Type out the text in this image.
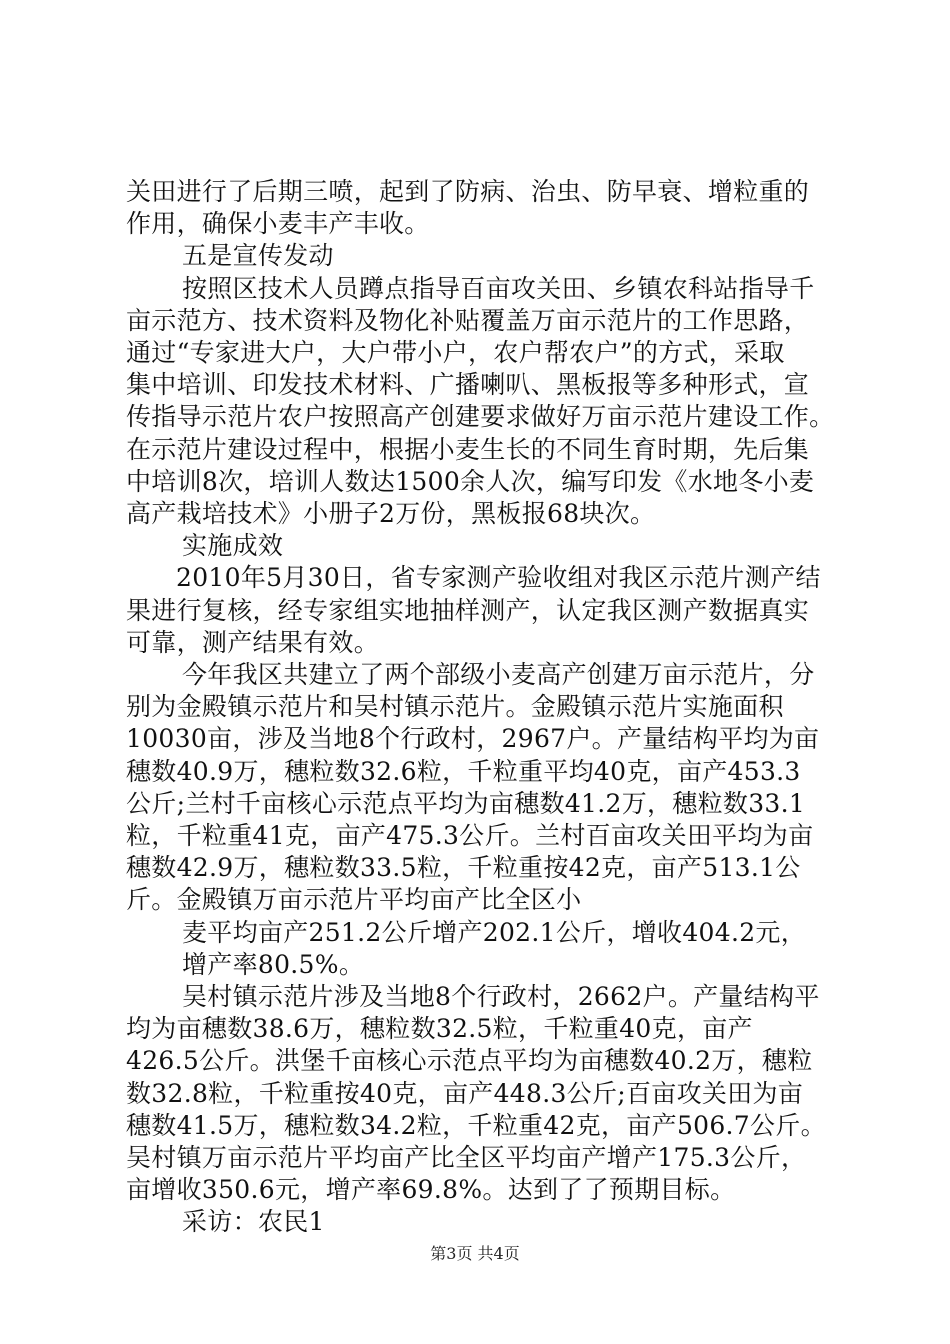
关田进行了后期三喷，起到了防病、治虫、防早衰、增粒重的
作用，确保小麦丰产丰收。
五是宣传发动
按照区技术人员蹲点指导百亩攻关田、乡镇农科站指导千
亩示范方、技术资料及物化补贴覆盖万亩示范片的工作思路，
通过“专家进大户，大户带小户，农户帮农户”的方式，采取
集中培训、印发技术材料、广播喇叭、黑板报等多种形式，宣
传指导示范片农户按照高产创建要求做好万亩示范片建设工作。
在示范片建设过程中，根据小麦生长的不同生育时期，先后集
中培训8次，培训人数达1500余人次，编写印发《水地冬小麦
高产栽培技术》小册子2万份，黑板报68块次。
实施成效
2010年5月30日，省专家测产验收组对我区示范片测产结
果进行复核，经专家组实地抽样测产，认定我区测产数据真实
可靠，测产结果有效。
今年我区共建立了两个部级小麦高产创建万亩示范片，分
别为金殿镇示范片和吴村镇示范片。金殿镇示范片实施面积
10030亩，涉及当地8个行政村，2967户。产量结构平均为亩
穗数40.9万，穗粒数32.6粒，千粒重平均40克，亩产453.3
公斤;兰村千亩核心示范点平均为亩穗数41.2万，穗粒数33.1
粒，千粒重41克，亩产475.3公斤。兰村百亩攻关田平均为亩
穗数42.9万，穗粒数33.5粒，千粒重按42克，亩产513.1公
斤。金殿镇万亩示范片平均亩产比全区小
麦平均亩产251.2公斤增产202.1公斤，增收404.2元，
增产率80.5%。
吴村镇示范片涉及当地8个行政村，2662户。产量结构平
均为亩穗数38.6万，穗粒数32.5粒，千粒重40克，亩产
426.5公斤。洪堡千亩核心示范点平均为亩穗数40.2万，穗粒
数32.8粒，千粒重按40克，亩产448.3公斤;百亩攻关田为亩
穗数41.5万，穗粒数34.2粒，千粒重42克，亩产506.7公斤。
吴村镇万亩示范片平均亩产比全区平均亩产增产175.3公斤，
亩增收350.6元，增产率69.8%。达到了了预期目标。
采访：农民1
第3页 共4页
